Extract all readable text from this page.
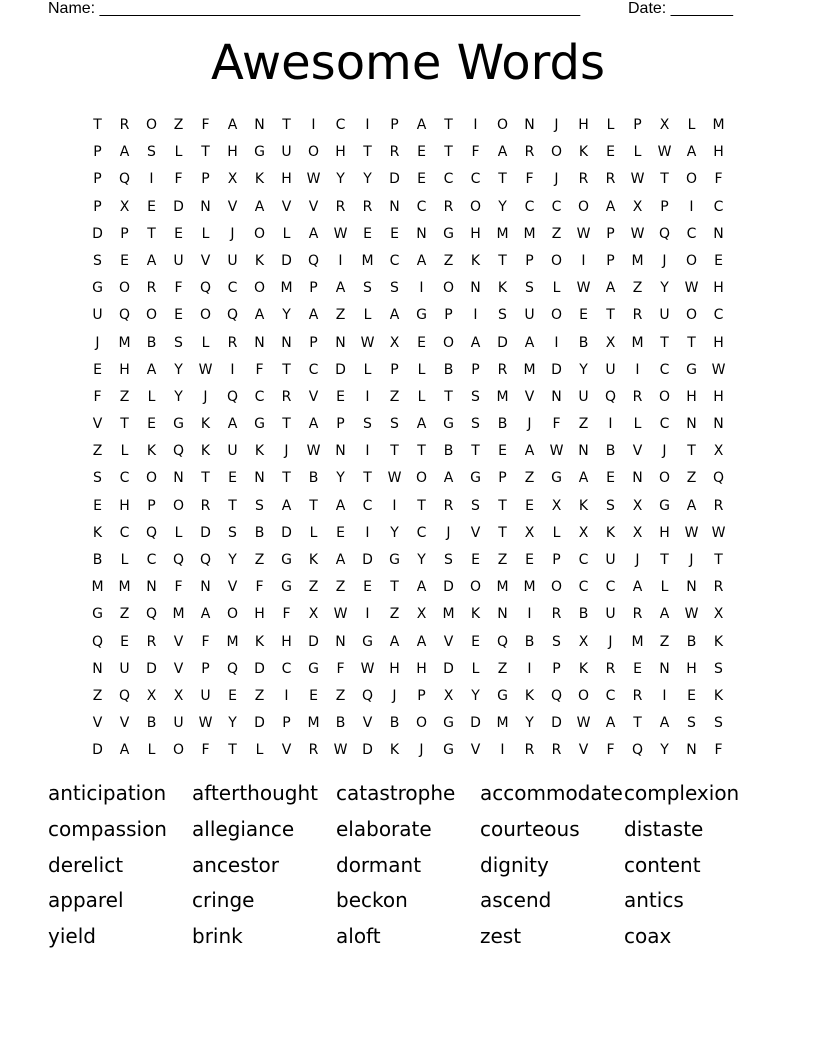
Name: ______________________________________________________	Date: _______
Awesome Words
T	R	O	Z	F	A	N	T	I	C	I	P	A	T	I	O	N	J	H	L	P	X	L	M
P	A	S	L	T	H	G	U	O	H	T	R	E	T	F	A	R	O	K	E	L	W	A	H
P	Q	I	F	P	X	K	H	W	Y	Y	D	E	C	C	T	F	J	R	R	W	T	O	F
P	X	E	D	N	V	A	V	V	R	R	N	C	R	O	Y	C	C	O	A	X	P	I	C
D	P	T	E	L	J	O	L	A	W	E	E	N	G	H	M	M	Z	W	P	W	Q	C	N
S	E	A	U	V	U	K	D	Q	I	M	C	A	Z	K	T	P	O	I	P	M	J	O	E
G	O	R	F	Q	C	O	M	P	A	S	S	I	O	N	K	S	L	W	A	Z	Y	W	H
U	Q	O	E	O	Q	A	Y	A	Z	L	A	G	P	I	S	U	O	E	T	R	U	O	C
J	M	B	S	L	R	N	N	P	N	W	X	E	O	A	D	A	I	B	X	M	T	T	H
E	H	A	Y	W	I	F	T	C	D	L	P	L	B	P	R	M	D	Y	U	I	C	G	W
F	Z	L	Y	J	Q	C	R	V	E	I	Z	L	T	S	M	V	N	U	Q	R	O	H	H
V	T	E	G	K	A	G	T	A	P	S	S	A	G	S	B	J	F	Z	I	L	C	N	N
Z	L	K	Q	K	U	K	J	W	N	I	T	T	B	T	E	A	W	N	B	V	J	T	X
S	C	O	N	T	E	N	T	B	Y	T	W	O	A	G	P	Z	G	A	E	N	O	Z	Q
E	H	P	O	R	T	S	A	T	A	C	I	T	R	S	T	E	X	K	S	X	G	A	R
K	C	Q	L	D	S	B	D	L	E	I	Y	C	J	V	T	X	L	X	K	X	H	W W
B	L	C	Q	Q	Y	Z	G	K	A	D	G	Y	S	E	Z	E	P	C	U	J	T	J	T
M	M	N	F	N	V	F	G	Z	Z	E	T	A	D	O	M	M	O	C	C	A	L	N	R
G	Z	Q	M	A	O	H	F	X	W	I	Z	X	M	K	N	I	R	B	U	R	A	W	X
Q	E	R	V	F	M	K	H	D	N	G	A	A	V	E	Q	B	S	X	J	M	Z	B	K
N	U	D	V	P	Q	D	C	G	F	W	H	H	D	L	Z	I	P	K	R	E	N	H	S
Z	Q	X	X	U	E	Z	I	E	Z	Q	J	P	X	Y	G	K	Q	O	C	R	I	E	K
V	V	B	U	W	Y	D	P	M	B	V	B	O	G	D	M	Y	D	W	A	T	A	S	S
D	A	L	O	F	T	L	V	R	W	D	K	J	G	V	I	R	R	V	F	Q	Y	N	F
anticipation	afterthought catastrophe	accommodate complexion
compassion	allegiance	elaborate	courteous	distaste
derelict	ancestor	dormant	dignity	content
apparel	cringe	beckon	ascend	antics
yield	brink	aloft	zest	coax
